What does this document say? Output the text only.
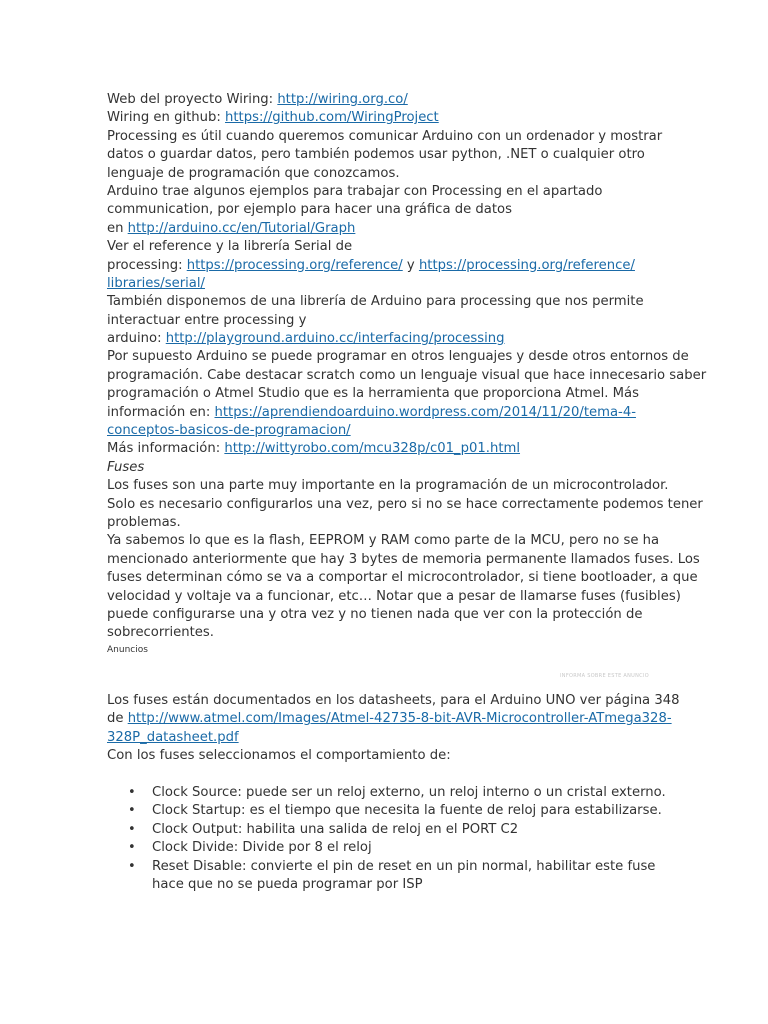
Web del proyecto Wiring: http://wiring.org.co/
Wiring en github: https://github.com/WiringProject
Processing es útil cuando queremos comunicar Arduino con un ordenador y mostrar
datos o guardar datos, pero también podemos usar python, .NET o cualquier otro
lenguaje de programación que conozcamos.
Arduino trae algunos ejemplos para trabajar con Processing en el apartado
communication, por ejemplo para hacer una gráfica de datos
en http://arduino.cc/en/Tutorial/Graph
Ver el reference y la librería Serial de
processing: https://processing.org/reference/ y https://processing.org/reference/
libraries/serial/
También disponemos de una librería de Arduino para processing que nos permite
interactuar entre processing y
arduino: http://playground.arduino.cc/interfacing/processing
Por supuesto Arduino se puede programar en otros lenguajes y desde otros entornos de
programación. Cabe destacar scratch como un lenguaje visual que hace innecesario saber
programación o Atmel Studio que es la herramienta que proporciona Atmel. Más
información en: https://aprendiendoarduino.wordpress.com/2014/11/20/tema-4-
conceptos-basicos-de-programacion/
Más información: http://wittyrobo.com/mcu328p/c01_p01.html
Fuses
Los fuses son una parte muy importante en la programación de un microcontrolador.
Solo es necesario configurarlos una vez, pero si no se hace correctamente podemos tener
problemas.
Ya sabemos lo que es la flash, EEPROM y RAM como parte de la MCU, pero no se ha
mencionado anteriormente que hay 3 bytes de memoria permanente llamados fuses. Los
fuses determinan cómo se va a comportar el microcontrolador, si tiene bootloader, a que
velocidad y voltaje va a funcionar, etc… Notar que a pesar de llamarse fuses (fusibles)
puede configurarse una y otra vez y no tienen nada que ver con la protección de
sobrecorrientes.
Anuncios
INFORMA SOBRE ESTE ANUNCIO
Los fuses están documentados en los datasheets, para el Arduino UNO ver página 348
de http://www.atmel.com/Images/Atmel-42735-8-bit-AVR-Microcontroller-ATmega328-
328P_datasheet.pdf
Con los fuses seleccionamos el comportamiento de:
• Clock Source: puede ser un reloj externo, un reloj interno o un cristal externo.
• Clock Startup: es el tiempo que necesita la fuente de reloj para estabilizarse.
• Clock Output: habilita una salida de reloj en el PORT C2
• Clock Divide: Divide por 8 el reloj
• Reset Disable: convierte el pin de reset en un pin normal, habilitar este fuse hace que no se pueda programar por ISP
